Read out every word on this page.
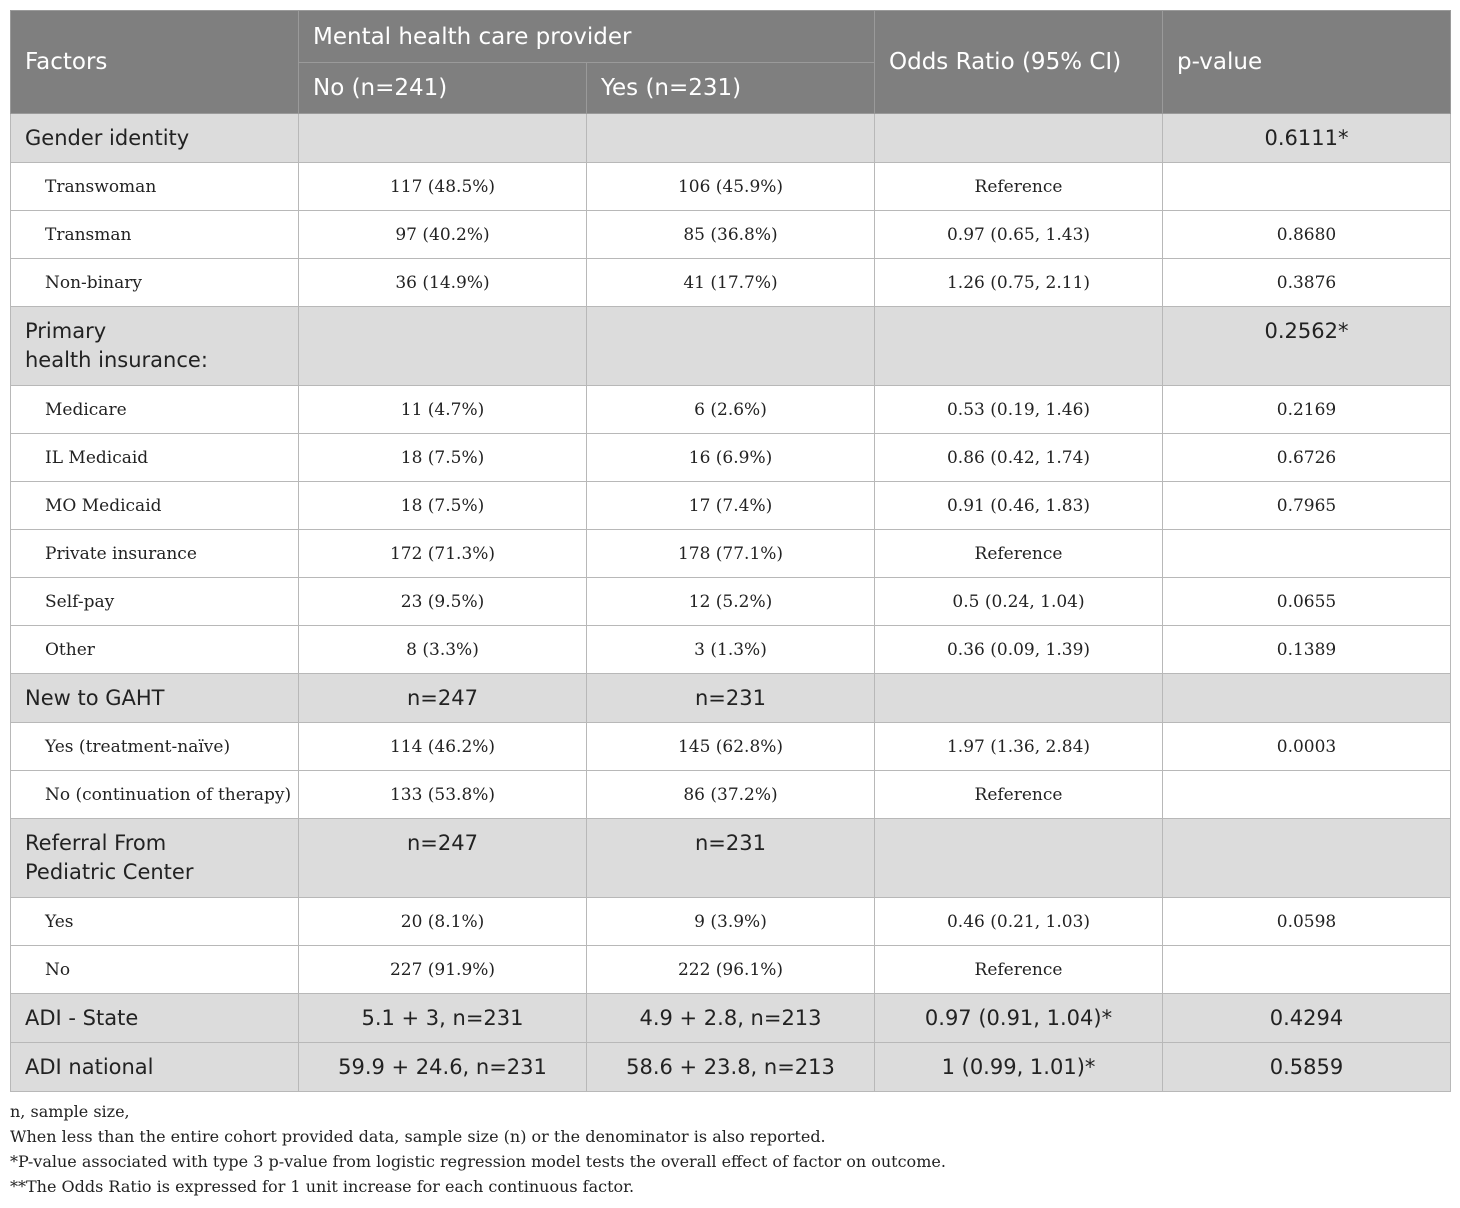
Factors	Mental health care provider		Odds Ratio (95% CI)	p-value
	No (n=241)	Yes (n=231)		
Gender identity				0.6111*
Transwoman	117 (48.5%)	106 (45.9%)	Reference	
Transman	97 (40.2%)	85 (36.8%)	0.97 (0.65, 1.43)	0.8680
Non-binary	36 (14.9%)	41 (17.7%)	1.26 (0.75, 2.11)	0.3876
Primary
health insurance:				0.2562*
Medicare	11 (4.7%)	6 (2.6%)	0.53 (0.19, 1.46)	0.2169
IL Medicaid	18 (7.5%)	16 (6.9%)	0.86 (0.42, 1.74)	0.6726
MO Medicaid	18 (7.5%)	17 (7.4%)	0.91 (0.46, 1.83)	0.7965
Private insurance	172 (71.3%)	178 (77.1%)	Reference	
Self-pay	23 (9.5%)	12 (5.2%)	0.5 (0.24, 1.04)	0.0655
Other	8 (3.3%)	3 (1.3%)	0.36 (0.09, 1.39)	0.1389
New to GAHT	n=247	n=231		
Yes (treatment-naïve)	114 (46.2%)	145 (62.8%)	1.97 (1.36, 2.84)	0.0003
No (continuation of therapy)	133 (53.8%)	86 (37.2%)	Reference	
Referral From
Pediatric Center	n=247	n=231		
Yes	20 (8.1%)	9 (3.9%)	0.46 (0.21, 1.03)	0.0598
No	227 (91.9%)	222 (96.1%)	Reference	
ADI - State	5.1 + 3, n=231	4.9 + 2.8, n=213	0.97 (0.91, 1.04)*	0.4294
ADI national	59.9 + 24.6, n=231	58.6 + 23.8, n=213	1 (0.99, 1.01)*	0.5859
n, sample size,
When less than the entire cohort provided data, sample size (n) or the denominator is also reported.
*P-value associated with type 3 p-value from logistic regression model tests the overall effect of factor on outcome.
**The Odds Ratio is expressed for 1 unit increase for each continuous factor.
